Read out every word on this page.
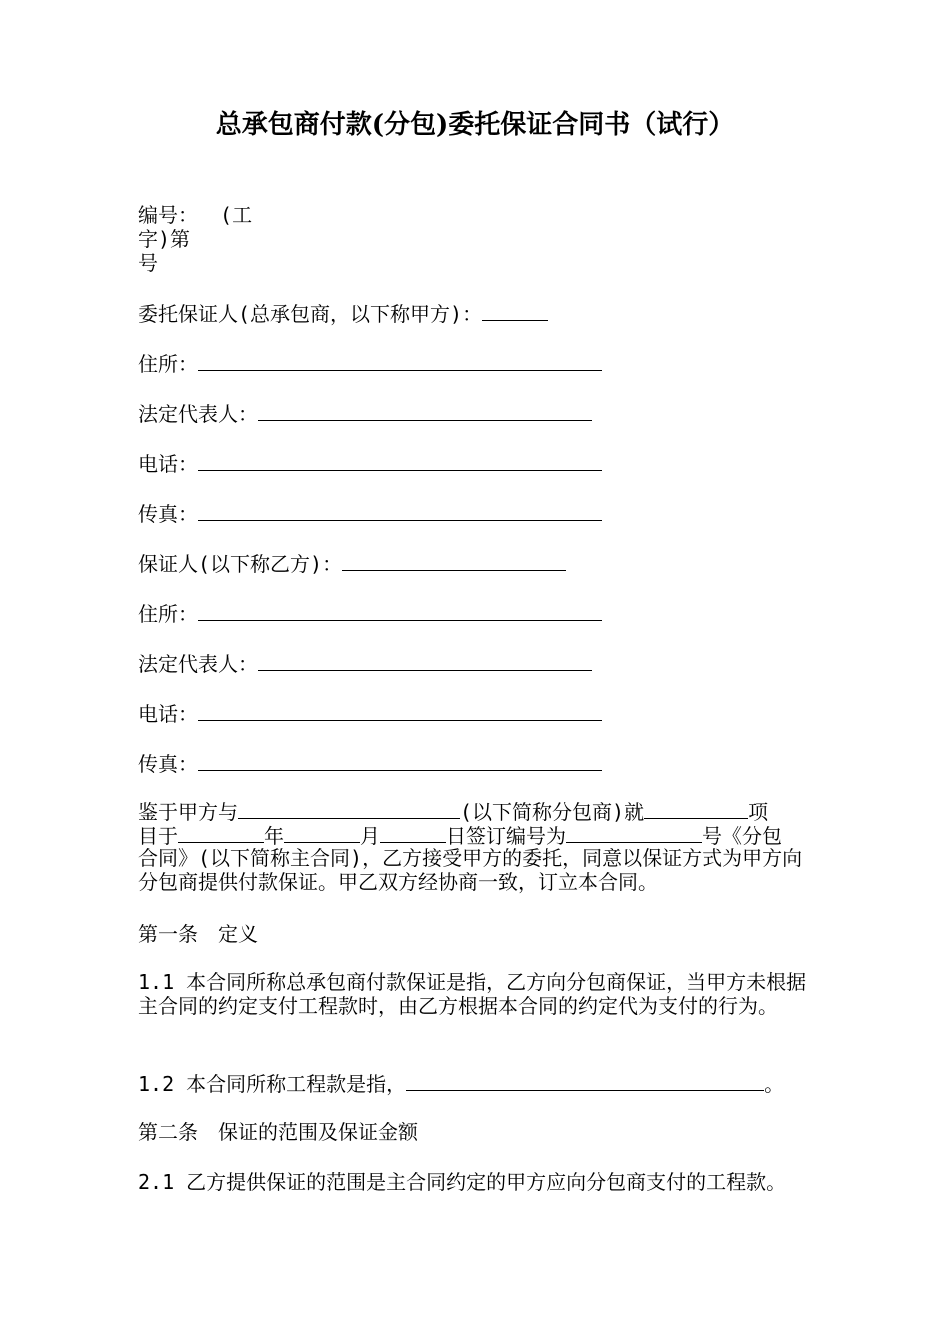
总承包商付款(分包)委托保证合同书（试行）
编号：　 (工
字)第
号
委托保证人(总承包商，以下称甲方)：
住所：
法定代表人：
电话：
传真：
保证人(以下称乙方)：
住所：
法定代表人：
电话：
传真：
鉴于甲方与	(以下简称分包商)就	项
目于	年	月	日签订编号为	号《分包
合同》(以下简称主合同)，乙方接受甲方的委托，同意以保证方式为甲方向分包商提供付款保证。甲乙双方经协商一致，订立本合同。
第一条　定义
1.1 本合同所称总承包商付款保证是指，乙方向分包商保证，当甲方未根据主合同的约定支付工程款时，由乙方根据本合同的约定代为支付的行为。
1.2 本合同所称工程款是指，	。
第二条　保证的范围及保证金额
2.1 乙方提供保证的范围是主合同约定的甲方应向分包商支付的工程款。
